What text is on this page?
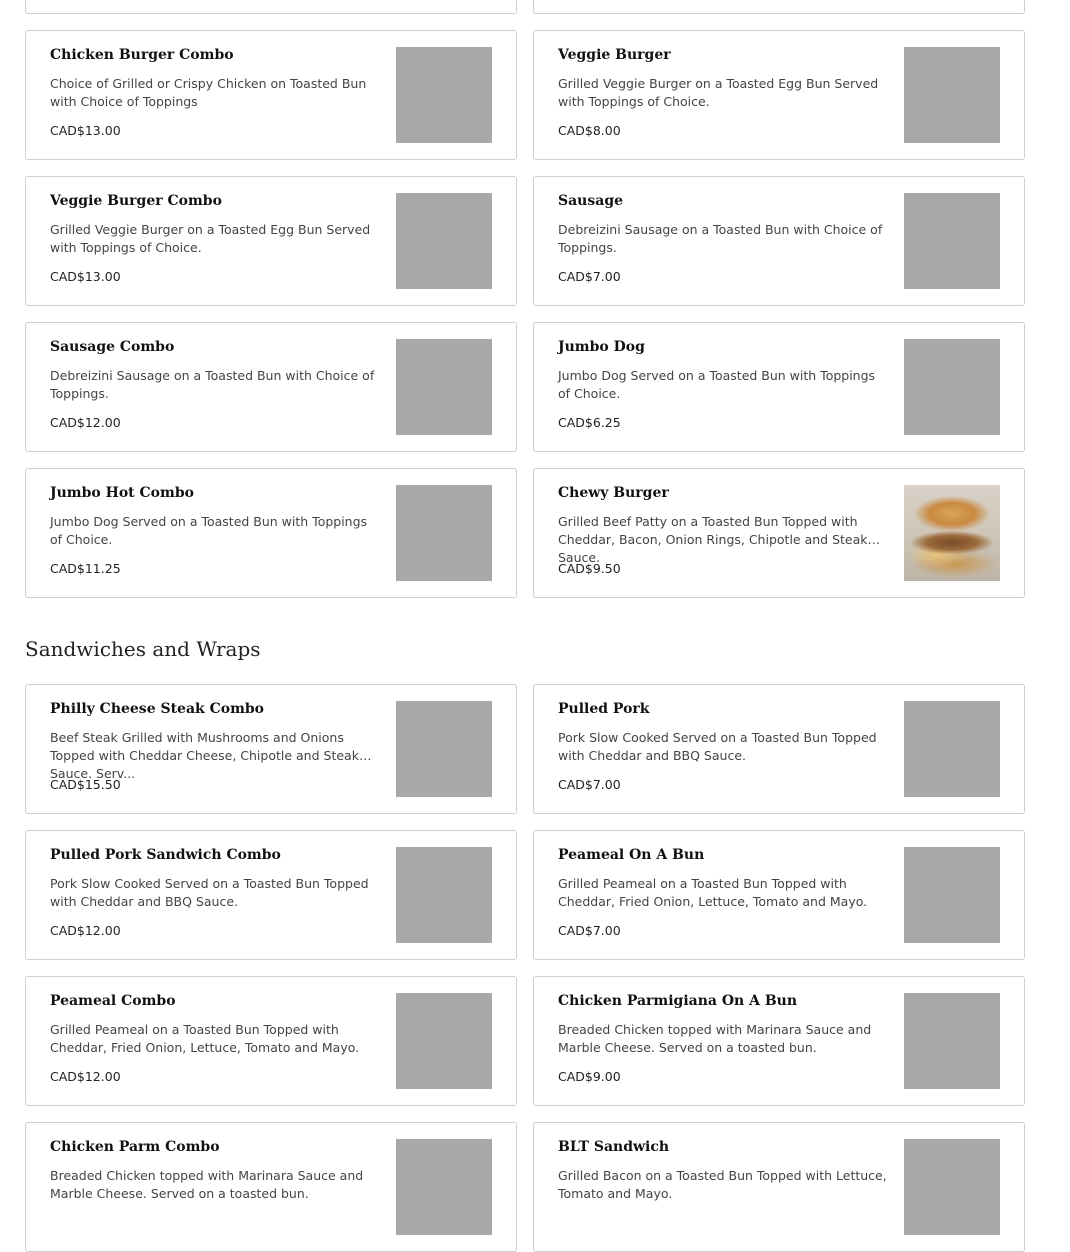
Chicken Burger Combo
Choice of Grilled or Crispy Chicken on Toasted Bun with Choice of Toppings
CAD$13.00
Veggie Burger
Grilled Veggie Burger on a Toasted Egg Bun Served with Toppings of Choice.
CAD$8.00
Veggie Burger Combo
Grilled Veggie Burger on a Toasted Egg Bun Served with Toppings of Choice.
CAD$13.00
Sausage
Debreizini Sausage on a Toasted Bun with Choice of Toppings.
CAD$7.00
Sausage Combo
Debreizini Sausage on a Toasted Bun with Choice of Toppings.
CAD$12.00
Jumbo Dog
Jumbo Dog Served on a Toasted Bun with Toppings of Choice.
CAD$6.25
Jumbo Hot Combo
Jumbo Dog Served on a Toasted Bun with Toppings of Choice.
CAD$11.25
Chewy Burger
Grilled Beef Patty on a Toasted Bun Topped with Cheddar, Bacon, Onion Rings, Chipotle and Steak Sauce.
CAD$9.50
Sandwiches and Wraps
Philly Cheese Steak Combo
Beef Steak Grilled with Mushrooms and Onions Topped with Cheddar Cheese, Chipotle and Steak Sauce. Serv...
CAD$15.50
Pulled Pork
Pork Slow Cooked Served on a Toasted Bun Topped with Cheddar and BBQ Sauce.
CAD$7.00
Pulled Pork Sandwich Combo
Pork Slow Cooked Served on a Toasted Bun Topped with Cheddar and BBQ Sauce.
CAD$12.00
Peameal On A Bun
Grilled Peameal on a Toasted Bun Topped with Cheddar, Fried Onion, Lettuce, Tomato and Mayo.
CAD$7.00
Peameal Combo
Grilled Peameal on a Toasted Bun Topped with Cheddar, Fried Onion, Lettuce, Tomato and Mayo.
CAD$12.00
Chicken Parmigiana On A Bun
Breaded Chicken topped with Marinara Sauce and Marble Cheese. Served on a toasted bun.
CAD$9.00
Chicken Parm Combo
Breaded Chicken topped with Marinara Sauce and Marble Cheese. Served on a toasted bun.
BLT Sandwich
Grilled Bacon on a Toasted Bun Topped with Lettuce, Tomato and Mayo.
